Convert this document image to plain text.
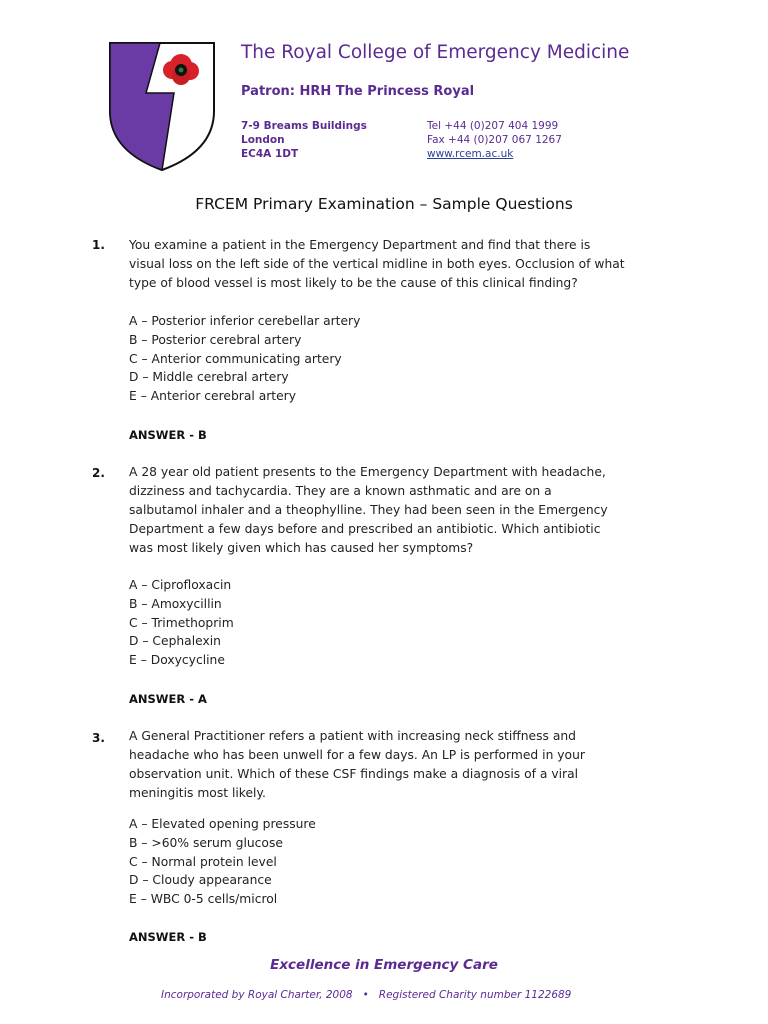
The Royal College of Emergency Medicine
Patron: HRH The Princess Royal
7-9 Breams Buildings
London
EC4A 1DT
Tel +44 (0)207 404 1999
Fax +44 (0)207 067 1267
www.rcem.ac.uk
FRCEM Primary Examination – Sample Questions
1. You examine a patient in the Emergency Department and find that there is
visual loss on the left side of the vertical midline in both eyes. Occlusion of what
type of blood vessel is most likely to be the cause of this clinical finding?
A – Posterior inferior cerebellar artery
B – Posterior cerebral artery
C – Anterior communicating artery
D – Middle cerebral artery
E – Anterior cerebral artery
ANSWER - B
2. A 28 year old patient presents to the Emergency Department with headache,
dizziness and tachycardia. They are a known asthmatic and are on a
salbutamol inhaler and a theophylline. They had been seen in the Emergency
Department a few days before and prescribed an antibiotic. Which antibiotic
was most likely given which has caused her symptoms?
A – Ciprofloxacin
B – Amoxycillin
C – Trimethoprim
D – Cephalexin
E – Doxycycline
ANSWER - A
3. A General Practitioner refers a patient with increasing neck stiffness and
headache who has been unwell for a few days. An LP is performed in your
observation unit. Which of these CSF findings make a diagnosis of a viral
meningitis most likely.
A – Elevated opening pressure
B – >60% serum glucose
C – Normal protein level
D – Cloudy appearance
E – WBC 0-5 cells/microl
ANSWER - B
Excellence in Emergency Care
Incorporated by Royal Charter, 2008 • Registered Charity number 1122689
